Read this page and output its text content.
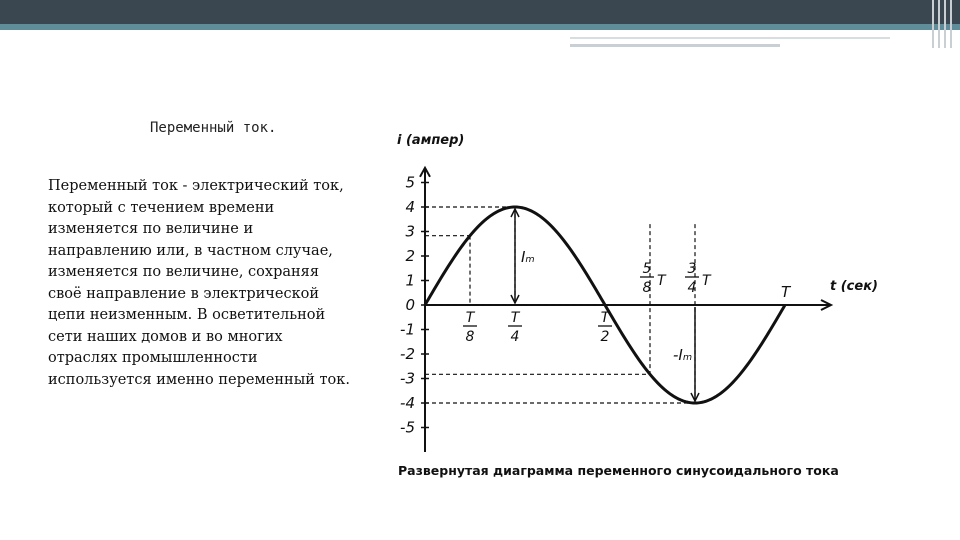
Переменный ток.
Переменный ток - электрический ток,
который с течением времени
изменяется по величине и
направлению или, в частном случае,
изменяется по величине, сохраняя
своё направление в электрической
цепи неизменным. В осветительной
сети наших домов и во многих
отраслях промышленности
используется именно переменный ток.
5
4
3
2
1
0
-1
-2
-3
-4
-5
Iₘ
-Iₘ
T
8
T
4
T
2
5
8 T
3
4 T
T
i (ампер)
t (сек)
Развернутая диаграмма переменного синусоидального тока
